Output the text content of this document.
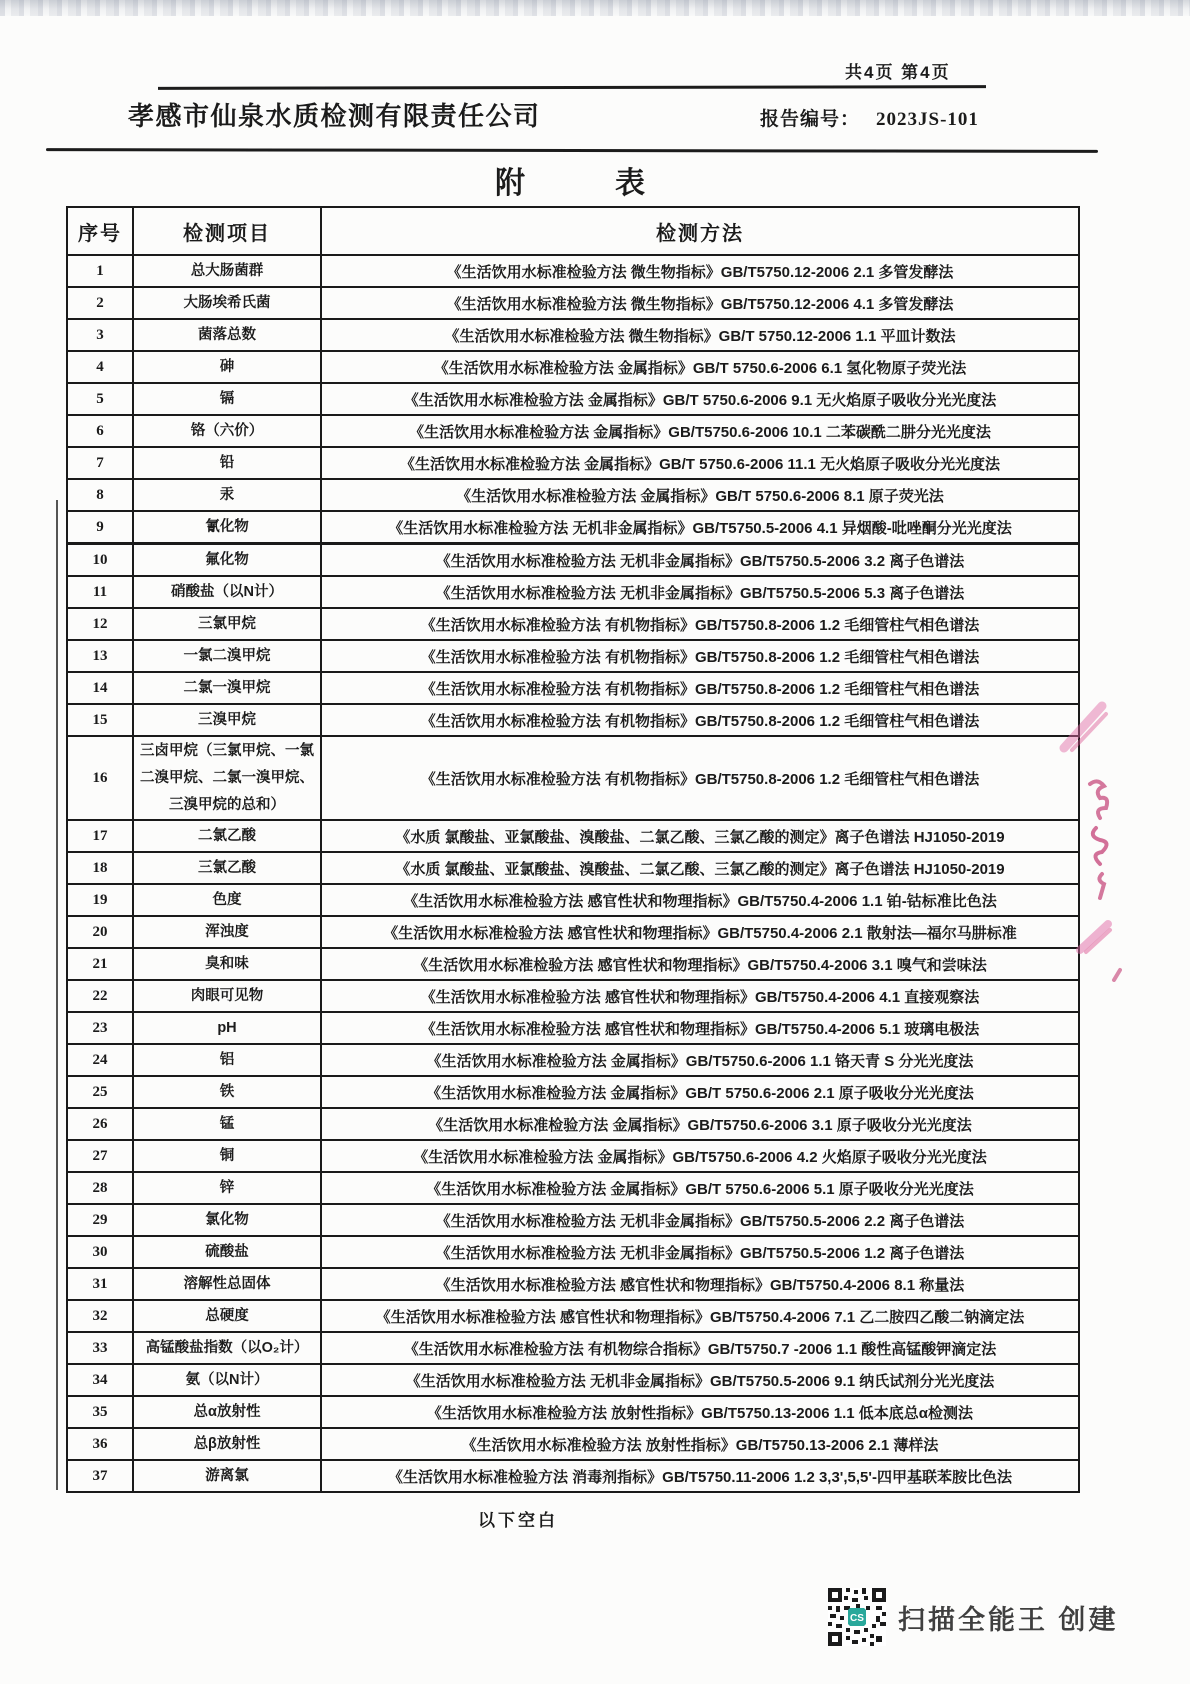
共4页 第4页
孝感市仙泉水质检测有限责任公司	报告编号： 2023JS-101
附　　　表
序号	检测项目	检测方法
1	总大肠菌群	《生活饮用水标准检验方法 微生物指标》GB/T5750.12-2006 2.1 多管发酵法
2	大肠埃希氏菌	《生活饮用水标准检验方法 微生物指标》GB/T5750.12-2006 4.1 多管发酵法
3	菌落总数	《生活饮用水标准检验方法 微生物指标》GB/T 5750.12-2006 1.1 平皿计数法
4	砷	《生活饮用水标准检验方法 金属指标》GB/T 5750.6-2006 6.1 氢化物原子荧光法
5	镉	《生活饮用水标准检验方法 金属指标》GB/T 5750.6-2006 9.1 无火焰原子吸收分光光度法
6	铬（六价）	《生活饮用水标准检验方法 金属指标》GB/T5750.6-2006 10.1 二苯碳酰二肼分光光度法
7	铅	《生活饮用水标准检验方法 金属指标》GB/T 5750.6-2006 11.1 无火焰原子吸收分光光度法
8	汞	《生活饮用水标准检验方法 金属指标》GB/T 5750.6-2006 8.1 原子荧光法
9	氰化物	《生活饮用水标准检验方法 无机非金属指标》GB/T5750.5-2006 4.1 异烟酸-吡唑酮分光光度法
10	氟化物	《生活饮用水标准检验方法 无机非金属指标》GB/T5750.5-2006 3.2 离子色谱法
11	硝酸盐（以N计）	《生活饮用水标准检验方法 无机非金属指标》GB/T5750.5-2006 5.3 离子色谱法
12	三氯甲烷	《生活饮用水标准检验方法 有机物指标》GB/T5750.8-2006 1.2 毛细管柱气相色谱法
13	一氯二溴甲烷	《生活饮用水标准检验方法 有机物指标》GB/T5750.8-2006 1.2 毛细管柱气相色谱法
14	二氯一溴甲烷	《生活饮用水标准检验方法 有机物指标》GB/T5750.8-2006 1.2 毛细管柱气相色谱法
15	三溴甲烷	《生活饮用水标准检验方法 有机物指标》GB/T5750.8-2006 1.2 毛细管柱气相色谱法
16	三卤甲烷（三氯甲烷、一氯二溴甲烷、二氯一溴甲烷、三溴甲烷的总和）	《生活饮用水标准检验方法 有机物指标》GB/T5750.8-2006 1.2 毛细管柱气相色谱法
17	二氯乙酸	《水质 氯酸盐、亚氯酸盐、溴酸盐、二氯乙酸、三氯乙酸的测定》离子色谱法 HJ1050-2019
18	三氯乙酸	《水质 氯酸盐、亚氯酸盐、溴酸盐、二氯乙酸、三氯乙酸的测定》离子色谱法 HJ1050-2019
19	色度	《生活饮用水标准检验方法 感官性状和物理指标》GB/T5750.4-2006 1.1 铂-钴标准比色法
20	浑浊度	《生活饮用水标准检验方法 感官性状和物理指标》GB/T5750.4-2006 2.1 散射法—福尔马肼标准
21	臭和味	《生活饮用水标准检验方法 感官性状和物理指标》GB/T5750.4-2006 3.1 嗅气和尝味法
22	肉眼可见物	《生活饮用水标准检验方法 感官性状和物理指标》GB/T5750.4-2006 4.1 直接观察法
23	pH	《生活饮用水标准检验方法 感官性状和物理指标》GB/T5750.4-2006 5.1 玻璃电极法
24	铝	《生活饮用水标准检验方法 金属指标》GB/T5750.6-2006 1.1 铬天青 S 分光光度法
25	铁	《生活饮用水标准检验方法 金属指标》GB/T 5750.6-2006 2.1 原子吸收分光光度法
26	锰	《生活饮用水标准检验方法 金属指标》GB/T5750.6-2006 3.1 原子吸收分光光度法
27	铜	《生活饮用水标准检验方法 金属指标》GB/T5750.6-2006 4.2 火焰原子吸收分光光度法
28	锌	《生活饮用水标准检验方法 金属指标》GB/T 5750.6-2006 5.1 原子吸收分光光度法
29	氯化物	《生活饮用水标准检验方法 无机非金属指标》GB/T5750.5-2006 2.2 离子色谱法
30	硫酸盐	《生活饮用水标准检验方法 无机非金属指标》GB/T5750.5-2006 1.2 离子色谱法
31	溶解性总固体	《生活饮用水标准检验方法 感官性状和物理指标》GB/T5750.4-2006 8.1 称量法
32	总硬度	《生活饮用水标准检验方法 感官性状和物理指标》GB/T5750.4-2006 7.1 乙二胺四乙酸二钠滴定法
33	高锰酸盐指数（以O₂计）	《生活饮用水标准检验方法 有机物综合指标》GB/T5750.7 -2006 1.1 酸性高锰酸钾滴定法
34	氨（以N计）	《生活饮用水标准检验方法 无机非金属指标》GB/T5750.5-2006 9.1 纳氏试剂分光光度法
35	总α放射性	《生活饮用水标准检验方法 放射性指标》GB/T5750.13-2006 1.1 低本底总α检测法
36	总β放射性	《生活饮用水标准检验方法 放射性指标》GB/T5750.13-2006 2.1 薄样法
37	游离氯	《生活饮用水标准检验方法 消毒剂指标》GB/T5750.11-2006 1.2 3,3',5,5'-四甲基联苯胺比色法
以下空白
CS 扫描全能王 创建
